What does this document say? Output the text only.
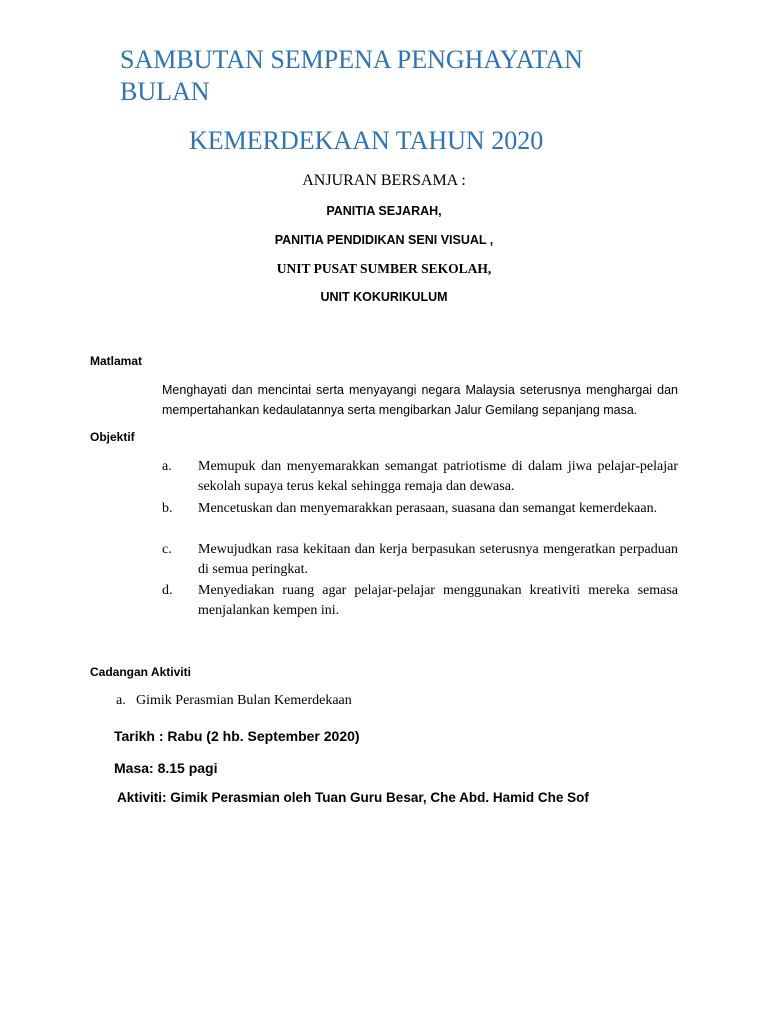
SAMBUTAN SEMPENA PENGHAYATAN
BULAN
KEMERDEKAAN TAHUN 2020
ANJURAN BERSAMA :
PANITIA SEJARAH,
PANITIA PENDIDIKAN SENI VISUAL ,
UNIT PUSAT SUMBER SEKOLAH,
UNIT KOKURIKULUM
Matlamat
Menghayati dan mencintai serta menyayangi negara Malaysia seterusnya menghargai dan mempertahankan kedaulatannya serta mengibarkan Jalur Gemilang sepanjang masa.
Objektif
a. Memupuk dan menyemarakkan semangat patriotisme di dalam jiwa pelajar-pelajar sekolah supaya terus kekal sehingga remaja dan dewasa.
b. Mencetuskan dan menyemarakkan perasaan, suasana dan semangat kemerdekaan.
c. Mewujudkan rasa kekitaan dan kerja berpasukan seterusnya mengeratkan perpaduan di semua peringkat.
d. Menyediakan ruang agar pelajar-pelajar menggunakan kreativiti mereka semasa menjalankan kempen ini.
Cadangan Aktiviti
a. Gimik Perasmian Bulan Kemerdekaan
Tarikh : Rabu (2 hb. September 2020)
Masa: 8.15 pagi
Aktiviti: Gimik Perasmian oleh Tuan Guru Besar, Che Abd. Hamid Che Sof
